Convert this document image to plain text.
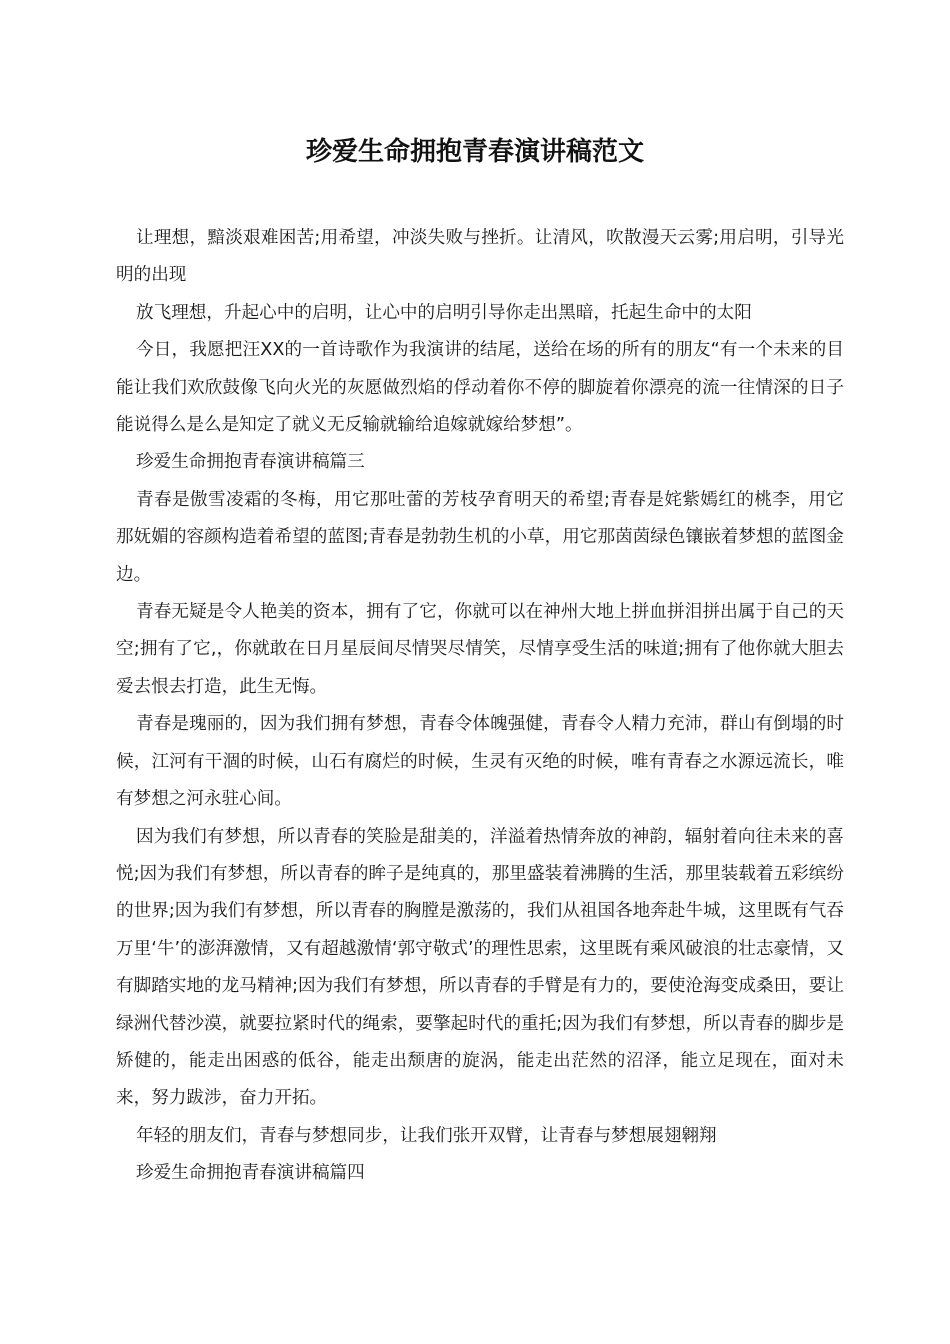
珍爱生命拥抱青春演讲稿范文

让理想，黯淡艰难困苦;用希望，冲淡失败与挫折。让清风，吹散漫天云雾;用启明，引导光明的出现

放飞理想，升起心中的启明，让心中的启明引导你走出黑暗，托起生命中的太阳

今日，我愿把汪XX的一首诗歌作为我演讲的结尾，送给在场的所有的朋友“有一个未来的目能让我们欢欣鼓像飞向火光的灰愿做烈焰的俘动着你不停的脚旋着你漂亮的流一往情深的日子能说得么是么是知定了就义无反输就输给追嫁就嫁给梦想”。

珍爱生命拥抱青春演讲稿篇三

青春是傲雪凌霜的冬梅，用它那吐蕾的芳枝孕育明天的希望;青春是姹紫嫣红的桃李，用它那妩媚的容颜构造着希望的蓝图;青春是勃勃生机的小草，用它那茵茵绿色镶嵌着梦想的蓝图金边。

青春无疑是令人艳美的资本，拥有了它，你就可以在神州大地上拼血拼泪拼出属于自己的天空;拥有了它,，你就敢在日月星辰间尽情哭尽情笑，尽情享受生活的味道;拥有了他你就大胆去爱去恨去打造，此生无悔。

青春是瑰丽的，因为我们拥有梦想，青春令体魄强健，青春令人精力充沛，群山有倒塌的时候，江河有干涸的时候，山石有腐烂的时候，生灵有灭绝的时候，唯有青春之水源远流长，唯有梦想之河永驻心间。

因为我们有梦想，所以青春的笑脸是甜美的，洋溢着热情奔放的神韵，辐射着向往未来的喜悦;因为我们有梦想，所以青春的眸子是纯真的，那里盛装着沸腾的生活，那里装载着五彩缤纷的世界;因为我们有梦想，所以青春的胸膛是激荡的，我们从祖国各地奔赴牛城，这里既有气吞万里‘牛’的澎湃激情，又有超越激情‘郭守敬式’的理性思索，这里既有乘风破浪的壮志豪情，又有脚踏实地的龙马精神;因为我们有梦想，所以青春的手臂是有力的，要使沧海变成桑田，要让绿洲代替沙漠，就要拉紧时代的绳索，要擎起时代的重托;因为我们有梦想，所以青春的脚步是矫健的，能走出困惑的低谷，能走出颓唐的旋涡，能走出茫然的沼泽，能立足现在，面对未来，努力跋涉，奋力开拓。

年轻的朋友们，青春与梦想同步，让我们张开双臂，让青春与梦想展翅翱翔

珍爱生命拥抱青春演讲稿篇四
